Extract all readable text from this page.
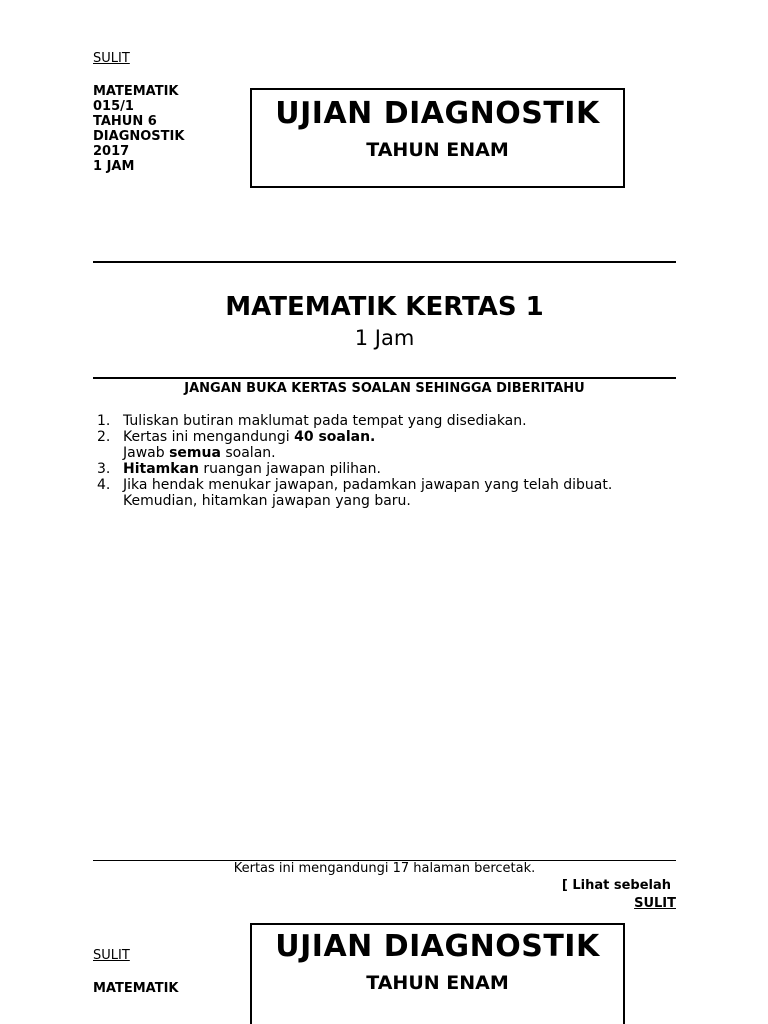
SULIT
MATEMATIK
015/1
TAHUN 6
DIAGNOSTIK
2017
1 JAM
UJIAN DIAGNOSTIK
TAHUN ENAM
MATEMATIK KERTAS 1
1 Jam
JANGAN BUKA KERTAS SOALAN SEHINGGA DIBERITAHU
1. Tuliskan butiran maklumat pada tempat yang disediakan.
2. Kertas ini mengandungi 40 soalan.
Jawab semua soalan.
3. Hitamkan ruangan jawapan pilihan.
4. Jika hendak menukar jawapan, padamkan jawapan yang telah dibuat.
Kemudian, hitamkan jawapan yang baru.
Kertas ini mengandungi 17 halaman bercetak.
[ Lihat sebelah
SULIT
SULIT
MATEMATIK
UJIAN DIAGNOSTIK
TAHUN ENAM
